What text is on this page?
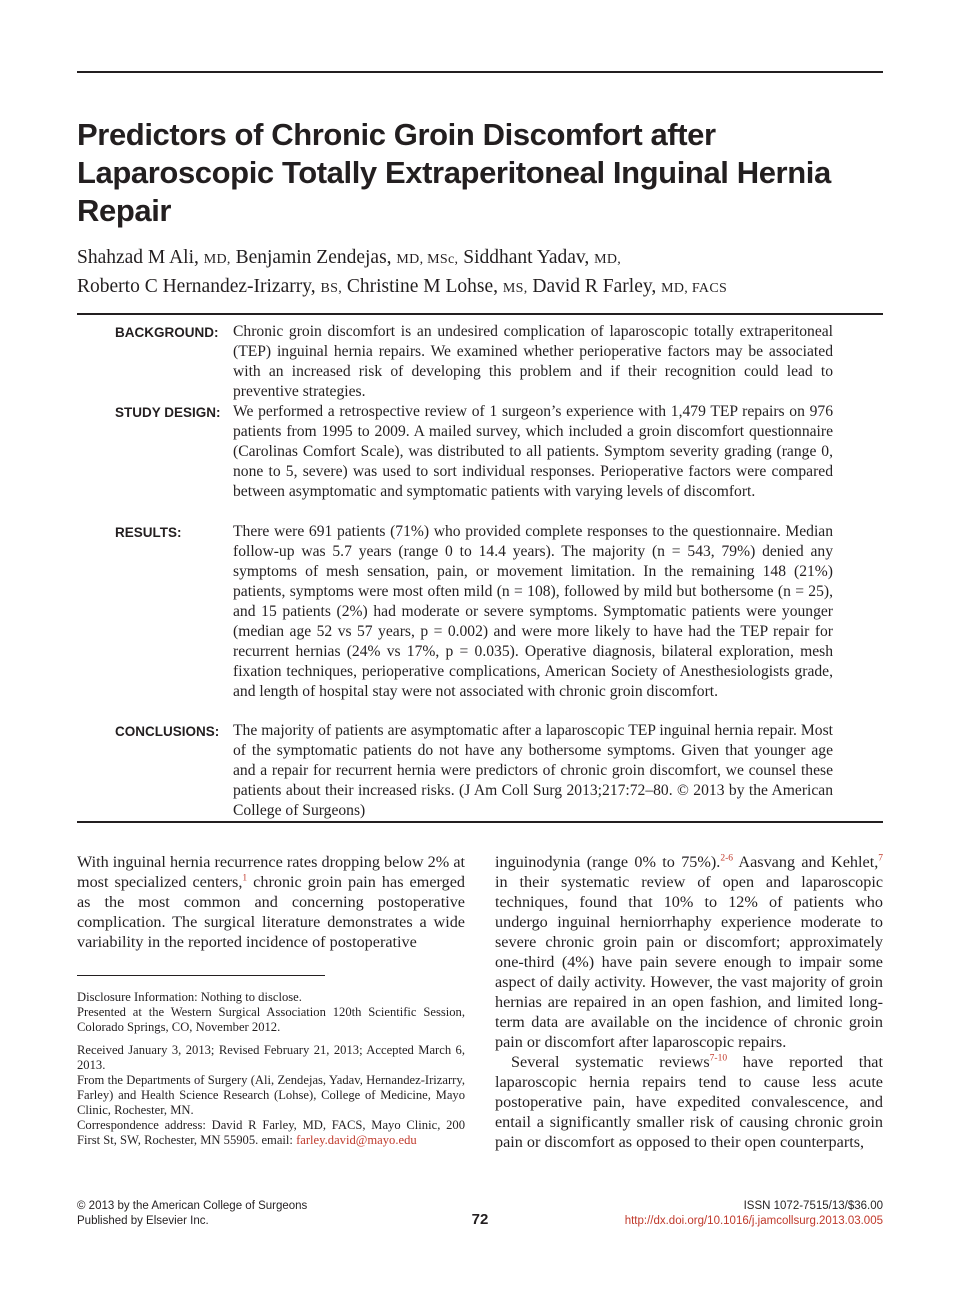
Predictors of Chronic Groin Discomfort after Laparoscopic Totally Extraperitoneal Inguinal Hernia Repair
Shahzad M Ali, MD, Benjamin Zendejas, MD, MSc, Siddhant Yadav, MD,
Roberto C Hernandez-Irizarry, BS, Christine M Lohse, MS, David R Farley, MD, FACS
BACKGROUND: Chronic groin discomfort is an undesired complication of laparoscopic totally extraperitoneal (TEP) inguinal hernia repairs. We examined whether perioperative factors may be associated with an increased risk of developing this problem and if their recognition could lead to preventive strategies.
STUDY DESIGN: We performed a retrospective review of 1 surgeon’s experience with 1,479 TEP repairs on 976 patients from 1995 to 2009. A mailed survey, which included a groin discomfort questionnaire (Carolinas Comfort Scale), was distributed to all patients. Symptom severity grading (range 0, none to 5, severe) was used to sort individual responses. Perioperative factors were compared between asymptomatic and symptomatic patients with varying levels of discomfort.
RESULTS:	There were 691 patients (71%) who provided complete responses to the questionnaire. Median follow-up was 5.7 years (range 0 to 14.4 years). The majority (n = 543, 79%) denied any symptoms of mesh sensation, pain, or movement limitation. In the remaining 148 (21%) patients, symptoms were most often mild (n = 108), followed by mild but bothersome (n = 25), and 15 patients (2%) had moderate or severe symptoms. Symptomatic patients were younger (median age 52 vs 57 years, p = 0.002) and were more likely to have had the TEP repair for recurrent hernias (24% vs 17%, p = 0.035). Operative diagnosis, bilateral exploration, mesh fixation techniques, perioperative complications, American Society of Anesthesiologists grade, and length of hospital stay were not associated with chronic groin discomfort.
CONCLUSIONS: The majority of patients are asymptomatic after a laparoscopic TEP inguinal hernia repair. Most of the symptomatic patients do not have any bothersome symptoms. Given that younger age and a repair for recurrent hernia were predictors of chronic groin discomfort, we counsel these patients about their increased risks. (J Am Coll Surg 2013;217:72–80. © 2013 by the American College of Surgeons)

With inguinal hernia recurrence rates dropping below 2% at most specialized centers,$^1$ chronic groin pain has emerged as the most common and concerning postoperative complication. The surgical literature demonstrates a wide variability in the reported incidence of postoperative

Disclosure Information: Nothing to disclose.

Presented at the Western Surgical Association 120th Scientific Session, Colorado Springs, CO, November 2012.

Received January 3, 2013; Revised February 21, 2013; Accepted March 6, 2013.

From the Departments of Surgery (Ali, Zendejas, Yadav, Hernandez-Irizarry, Farley) and Health Science Research (Lohse), College of Medicine, Mayo Clinic, Rochester, MN.

Correspondence address: David R Farley, MD, FACS, Mayo Clinic, 200 First St, SW, Rochester, MN 55905. email: farley.david@mayo.edu

inguinodynia (range 0% to 75%).$^{2-6}$ Aasvang and Kehlet,$^7$ in their systematic review of open and laparoscopic techniques, found that 10% to 12% of patients who undergo inguinal herniorrhaphy experience moderate to severe chronic groin pain or discomfort; approximately one-third (4%) have pain severe enough to impair some aspect of daily activity. However, the vast majority of groin hernias are repaired in an open fashion, and limited long-term data are available on the incidence of chronic groin pain or discomfort after laparoscopic repairs.

Several systematic reviews$^{7-10}$ have reported that laparoscopic hernia repairs tend to cause less acute postoperative pain, have expedited convalescence, and entail a significantly smaller risk of causing chronic groin pain or discomfort as opposed to their open counterparts,

© 2013 by the American College of Surgeons
Published by Elsevier Inc.	72
ISSN 1072-7515/13/$36.00
http://dx.doi.org/10.1016/j.jamcollsurg.2013.03.005
